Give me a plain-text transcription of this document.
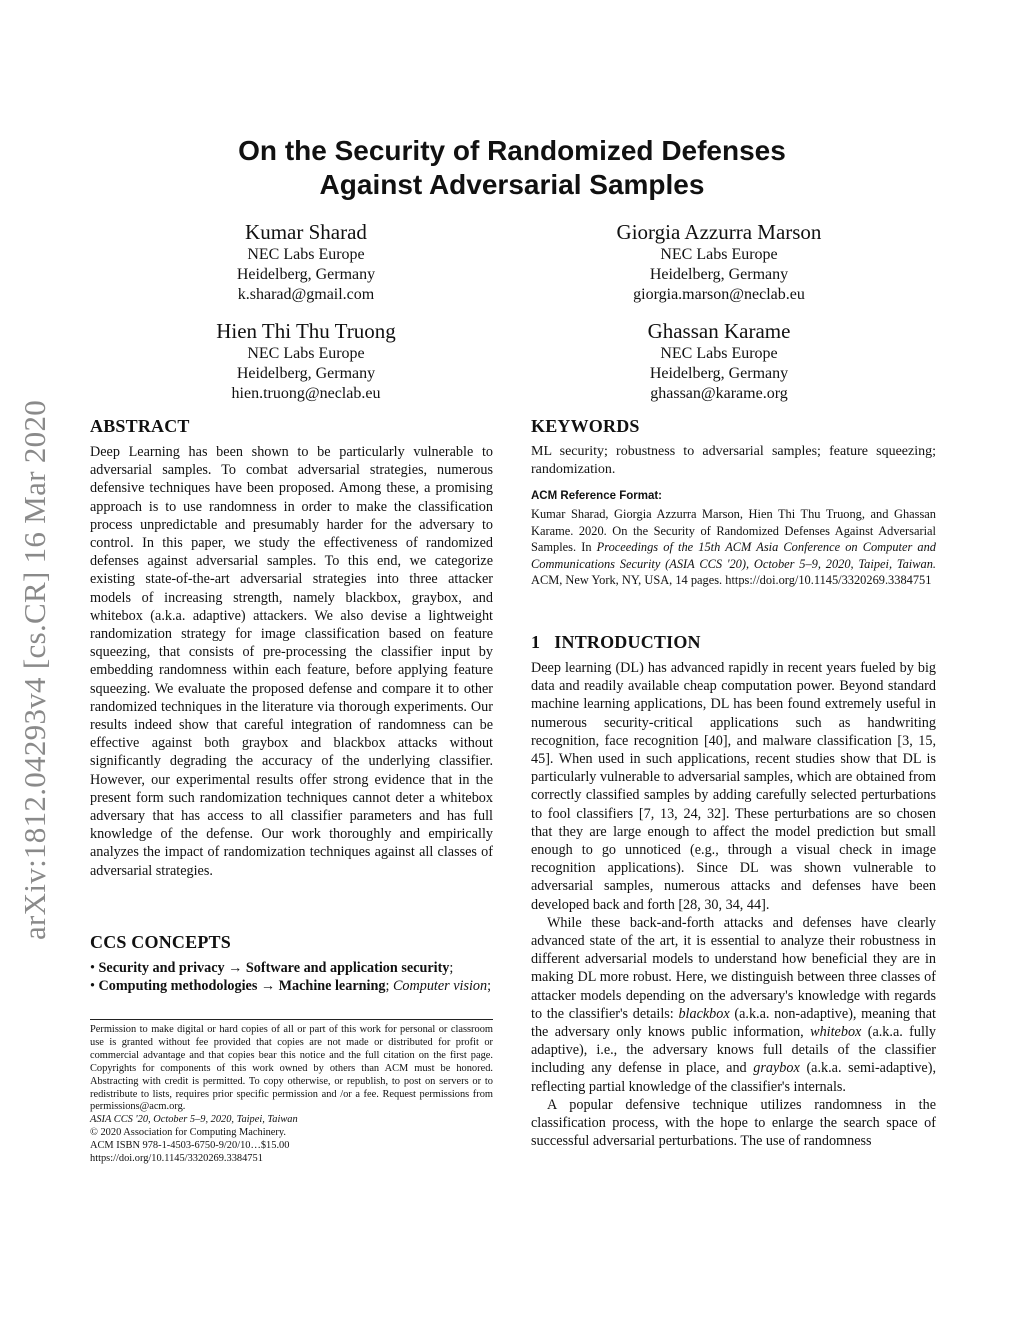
arXiv:1812.04293v4 [cs.CR] 16 Mar 2020
On the Security of Randomized Defenses
Against Adversarial Samples
Kumar Sharad
NEC Labs Europe
Heidelberg, Germany
k.sharad@gmail.com
Giorgia Azzurra Marson
NEC Labs Europe
Heidelberg, Germany
giorgia.marson@neclab.eu
Hien Thi Thu Truong
NEC Labs Europe
Heidelberg, Germany
hien.truong@neclab.eu
Ghassan Karame
NEC Labs Europe
Heidelberg, Germany
ghassan@karame.org
ABSTRACT
Deep Learning has been shown to be particularly vulnerable to adversarial samples. To combat adversarial strategies, numerous defensive techniques have been proposed. Among these, a promising approach is to use randomness in order to make the classification process unpredictable and presumably harder for the adversary to control. In this paper, we study the effectiveness of randomized defenses against adversarial samples. To this end, we categorize existing state-of-the-art adversarial strategies into three attacker models of increasing strength, namely blackbox, graybox, and whitebox (a.k.a. adaptive) attackers. We also devise a lightweight randomization strategy for image classification based on feature squeezing, that consists of pre-processing the classifier input by embedding randomness within each feature, before applying feature squeezing. We evaluate the proposed defense and compare it to other randomized techniques in the literature via thorough experiments. Our results indeed show that careful integration of randomness can be effective against both graybox and blackbox attacks without significantly degrading the accuracy of the underlying classifier. However, our experimental results offer strong evidence that in the present form such randomization techniques cannot deter a whitebox adversary that has access to all classifier parameters and has full knowledge of the defense. Our work thoroughly and empirically analyzes the impact of randomization techniques against all classes of adversarial strategies.
CCS CONCEPTS
• Security and privacy → Software and application security;
• Computing methodologies → Machine learning; Computer vision;
Permission to make digital or hard copies of all or part of this work for personal or classroom use is granted without fee provided that copies are not made or distributed for profit or commercial advantage and that copies bear this notice and the full citation on the first page. Copyrights for components of this work owned by others than ACM must be honored. Abstracting with credit is permitted. To copy otherwise, or republish, to post on servers or to redistribute to lists, requires prior specific permission and /or a fee. Request permissions from permissions@acm.org.
ASIA CCS '20, October 5–9, 2020, Taipei, Taiwan
© 2020 Association for Computing Machinery.
ACM ISBN 978-1-4503-6750-9/20/10…$15.00
https://doi.org/10.1145/3320269.3384751
KEYWORDS
ML security; robustness to adversarial samples; feature squeezing; randomization.
ACM Reference Format:
Kumar Sharad, Giorgia Azzurra Marson, Hien Thi Thu Truong, and Ghassan Karame. 2020. On the Security of Randomized Defenses Against Adversarial Samples. In Proceedings of the 15th ACM Asia Conference on Computer and Communications Security (ASIA CCS '20), October 5–9, 2020, Taipei, Taiwan. ACM, New York, NY, USA, 14 pages. https://doi.org/10.1145/3320269.3384751
1   INTRODUCTION

Deep learning (DL) has advanced rapidly in recent years fueled by big data and readily available cheap computation power. Beyond standard machine learning applications, DL has been found extremely useful in numerous security-critical applications such as handwriting recognition, face recognition [40], and malware classification [3, 15, 45]. When used in such applications, recent studies show that DL is particularly vulnerable to adversarial samples, which are obtained from correctly classified samples by adding carefully selected perturbations to fool classifiers [7, 13, 24, 32]. These perturbations are so chosen that they are large enough to affect the model prediction but small enough to go unnoticed (e.g., through a visual check in image recognition applications). Since DL was shown vulnerable to adversarial samples, numerous attacks and defenses have been developed back and forth [28, 30, 34, 44].

While these back-and-forth attacks and defenses have clearly advanced state of the art, it is essential to analyze their robustness in different adversarial models to understand how beneficial they are in making DL more robust. Here, we distinguish between three classes of attacker models depending on the adversary's knowledge with regards to the classifier's details: blackbox (a.k.a. non-adaptive), meaning that the adversary only knows public information, whitebox (a.k.a. fully adaptive), i.e., the adversary knows full details of the classifier including any defense in place, and graybox (a.k.a. semi-adaptive), reflecting partial knowledge of the classifier's internals.

A popular defensive technique utilizes randomness in the classification process, with the hope to enlarge the search space of successful adversarial perturbations. The use of randomness
